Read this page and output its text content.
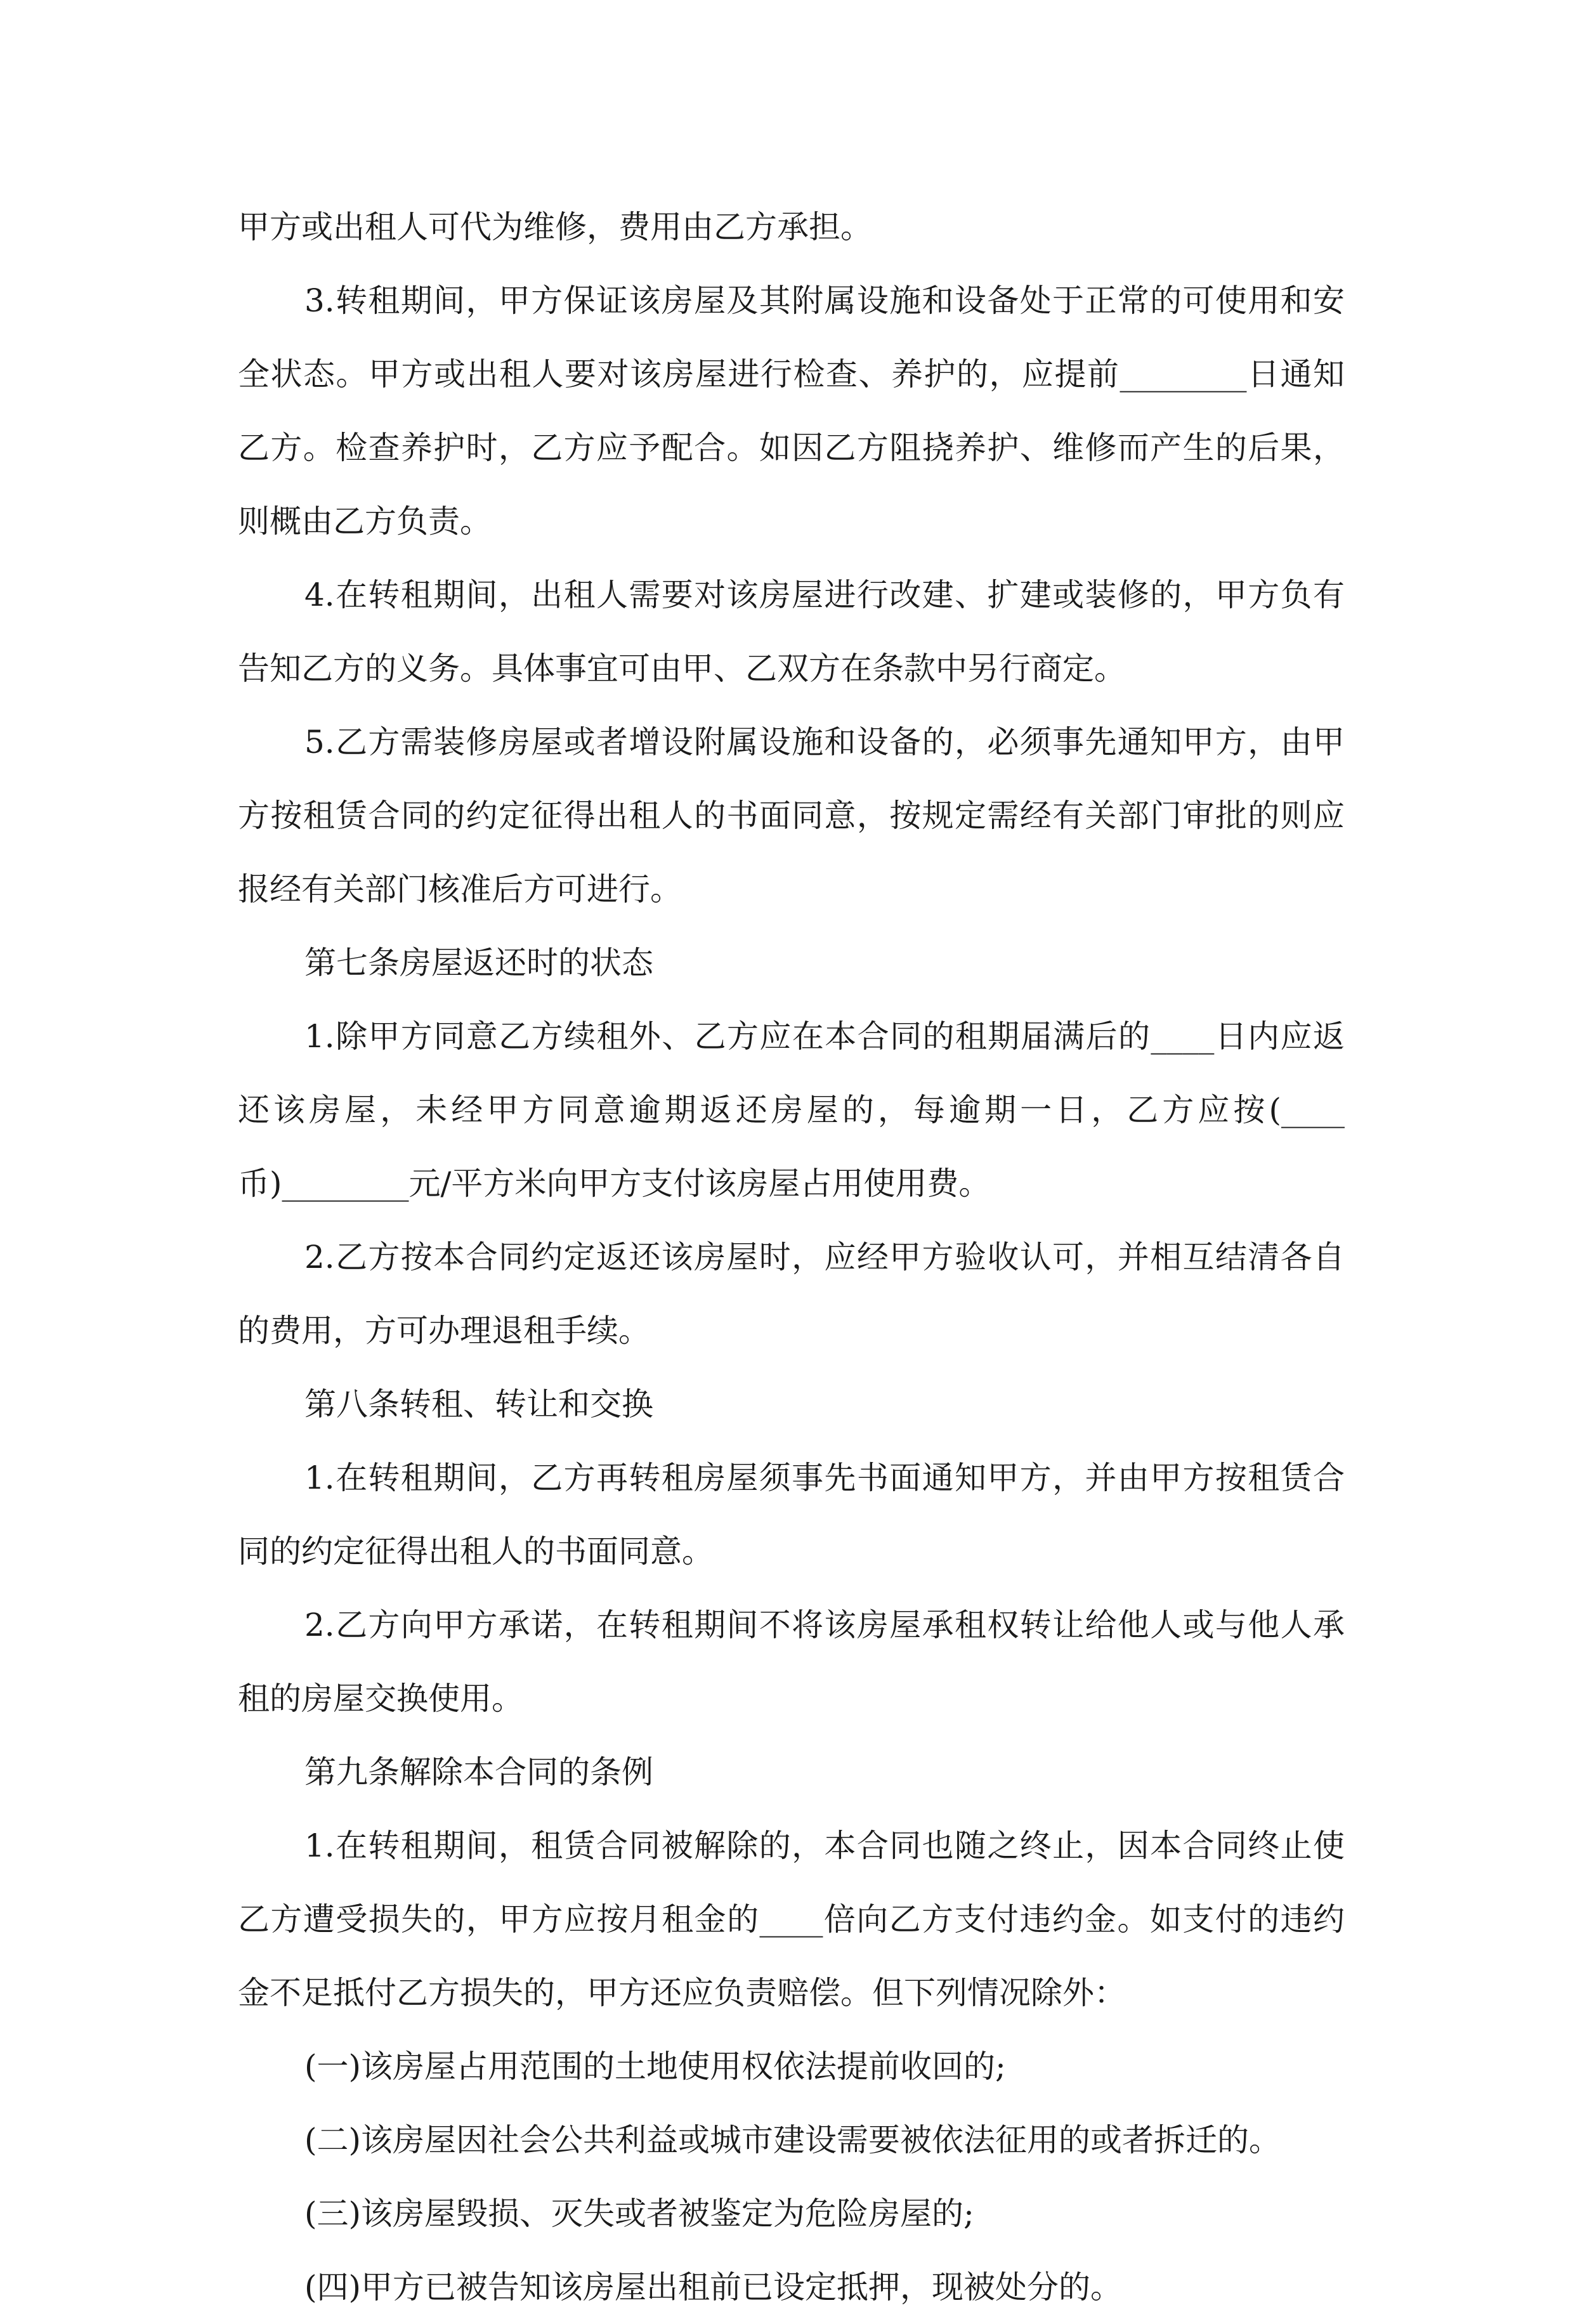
甲方或出租人可代为维修，费用由乙方承担。

3.转租期间，甲方保证该房屋及其附属设施和设备处于正常的可使用和安全状态。甲方或出租人要对该房屋进行检查、养护的，应提前________日通知乙方。检查养护时，乙方应予配合。如因乙方阻挠养护、维修而产生的后果，则概由乙方负责。

4.在转租期间，出租人需要对该房屋进行改建、扩建或装修的，甲方负有告知乙方的义务。具体事宜可由甲、乙双方在条款中另行商定。

5.乙方需装修房屋或者增设附属设施和设备的，必须事先通知甲方，由甲方按租赁合同的约定征得出租人的书面同意，按规定需经有关部门审批的则应报经有关部门核准后方可进行。

第七条房屋返还时的状态

1.除甲方同意乙方续租外、乙方应在本合同的租期届满后的____日内应返还该房屋，未经甲方同意逾期返还房屋的，每逾期一日，乙方应按(____币)________元/平方米向甲方支付该房屋占用使用费。

2.乙方按本合同约定返还该房屋时，应经甲方验收认可，并相互结清各自的费用，方可办理退租手续。

第八条转租、转让和交换

1.在转租期间，乙方再转租房屋须事先书面通知甲方，并由甲方按租赁合同的约定征得出租人的书面同意。

2.乙方向甲方承诺，在转租期间不将该房屋承租权转让给他人或与他人承租的房屋交换使用。

第九条解除本合同的条例

1.在转租期间，租赁合同被解除的，本合同也随之终止，因本合同终止使乙方遭受损失的，甲方应按月租金的____倍向乙方支付违约金。如支付的违约金不足抵付乙方损失的，甲方还应负责赔偿。但下列情况除外：

(一)该房屋占用范围的土地使用权依法提前收回的;

(二)该房屋因社会公共利益或城市建设需要被依法征用的或者拆迁的。

(三)该房屋毁损、灭失或者被鉴定为危险房屋的;

(四)甲方已被告知该房屋出租前已设定抵押，现被处分的。
